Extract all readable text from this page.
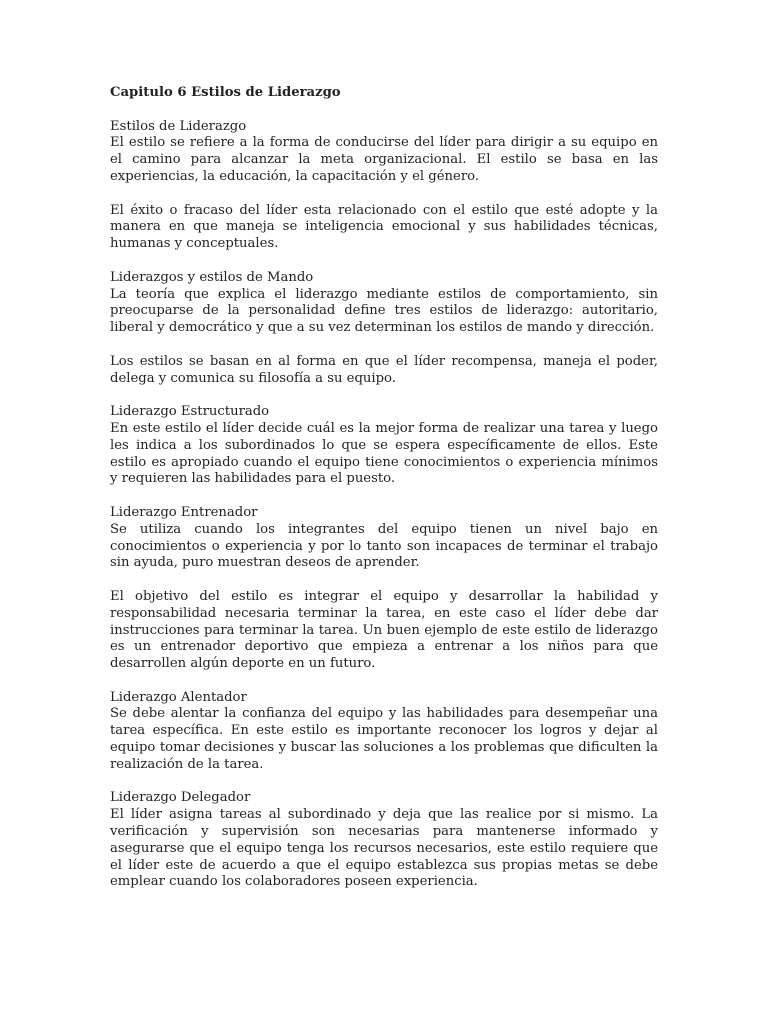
Capitulo 6 Estilos de Liderazgo
Estilos de Liderazgo

El estilo se refiere a la forma de conducirse del líder para dirigir a su equipo en el camino para alcanzar la meta organizacional. El estilo se basa en las experiencias, la educación, la capacitación y el género.

El éxito o fracaso del líder esta relacionado con el estilo que esté adopte y la manera en que maneja se inteligencia emocional y sus habilidades técnicas, humanas y conceptuales.

Liderazgos y estilos de Mando

La teoría que explica el liderazgo mediante estilos de comportamiento, sin preocuparse de la personalidad define tres estilos de liderazgo: autoritario, liberal y democrático y que a su vez determinan los estilos de mando y dirección.

Los estilos se basan en al forma en que el líder recompensa, maneja el poder, delega y comunica su filosofía a su equipo.

Liderazgo Estructurado

En este estilo el líder decide cuál es la mejor forma de realizar una tarea y luego les indica a los subordinados lo que se espera específicamente de ellos. Este estilo es apropiado cuando el equipo tiene conocimientos o experiencia mínimos y requieren las habilidades para el puesto.

Liderazgo Entrenador

Se utiliza cuando los integrantes del equipo tienen un nivel bajo en conocimientos o experiencia y por lo tanto son incapaces de terminar el trabajo sin ayuda, puro muestran deseos de aprender.

El objetivo del estilo es integrar el equipo y desarrollar la habilidad y responsabilidad necesaria terminar la tarea, en este caso el líder debe dar instrucciones para terminar la tarea. Un buen ejemplo de este estilo de liderazgo es un entrenador deportivo que empieza a entrenar a los niños para que desarrollen algún deporte en un futuro.

Liderazgo Alentador

Se debe alentar la confianza del equipo y las habilidades para desempeñar una tarea específica. En este estilo es importante reconocer los logros y dejar al equipo tomar decisiones y buscar las soluciones a los problemas que dificulten la realización de la tarea.

Liderazgo Delegador

El líder asigna tareas al subordinado y deja que las realice por si mismo. La verificación y supervisión son necesarias para mantenerse informado y asegurarse que el equipo tenga los recursos necesarios, este estilo requiere que el líder este de acuerdo a que el equipo establezca sus propias metas se debe emplear cuando los colaboradores poseen experiencia.
